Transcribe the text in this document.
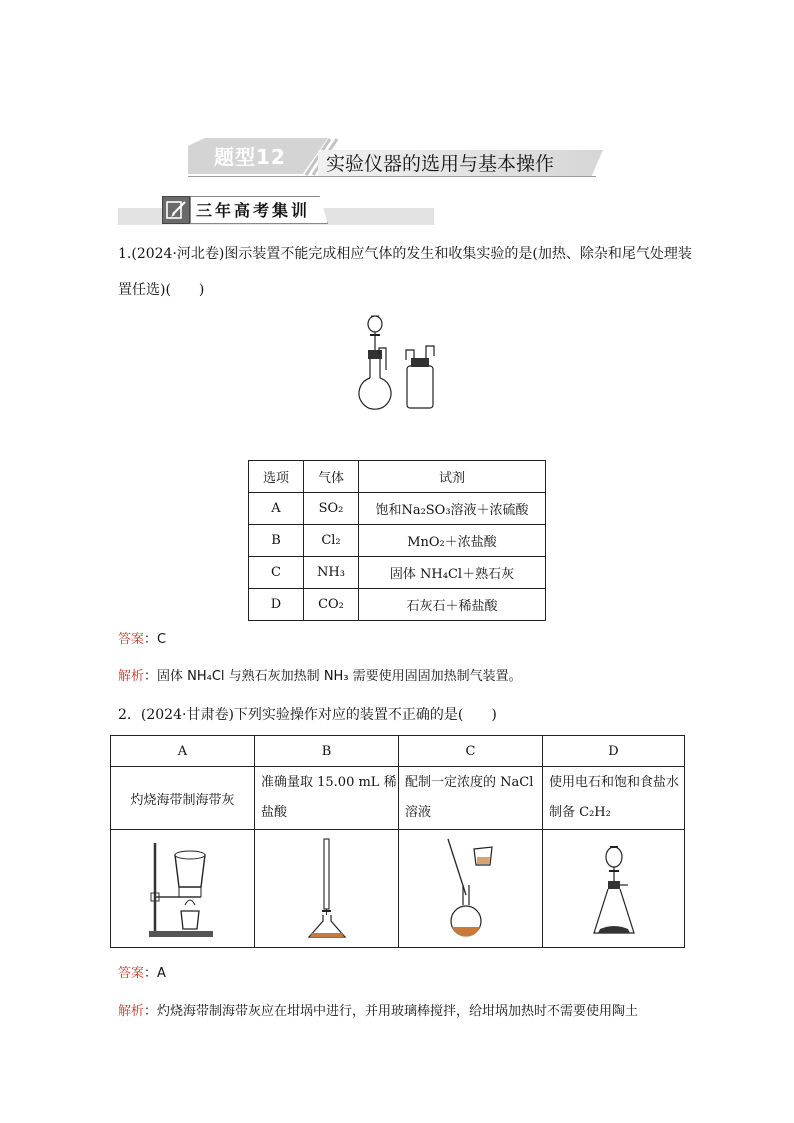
题型12 实验仪器的选用与基本操作
三年高考集训
1.(2024·河北卷)图示装置不能完成相应气体的发生和收集实验的是(加热、除杂和尾气处理装
置任选)(　　)
选项	气体	试剂
A	SO₂	饱和Na₂SO₃溶液＋浓硫酸
B	Cl₂	MnO₂＋浓盐酸
C	NH₃	固体 NH₄Cl＋熟石灰
D	CO₂	石灰石＋稀盐酸
答案：C
解析：固体 NH₄Cl 与熟石灰加热制 NH₃ 需要使用固固加热制气装置。
2．(2024·甘肃卷)下列实验操作对应的装置不正确的是(　　)
A	B	C	D
灼烧海带制海带灰	准确量取 15.00 mL 稀盐酸	配制一定浓度的 NaCl 溶液	使用电石和饱和食盐水制备 C₂H₂

答案：A
解析：灼烧海带制海带灰应在坩埚中进行，并用玻璃棒搅拌，给坩埚加热时不需要使用陶土
